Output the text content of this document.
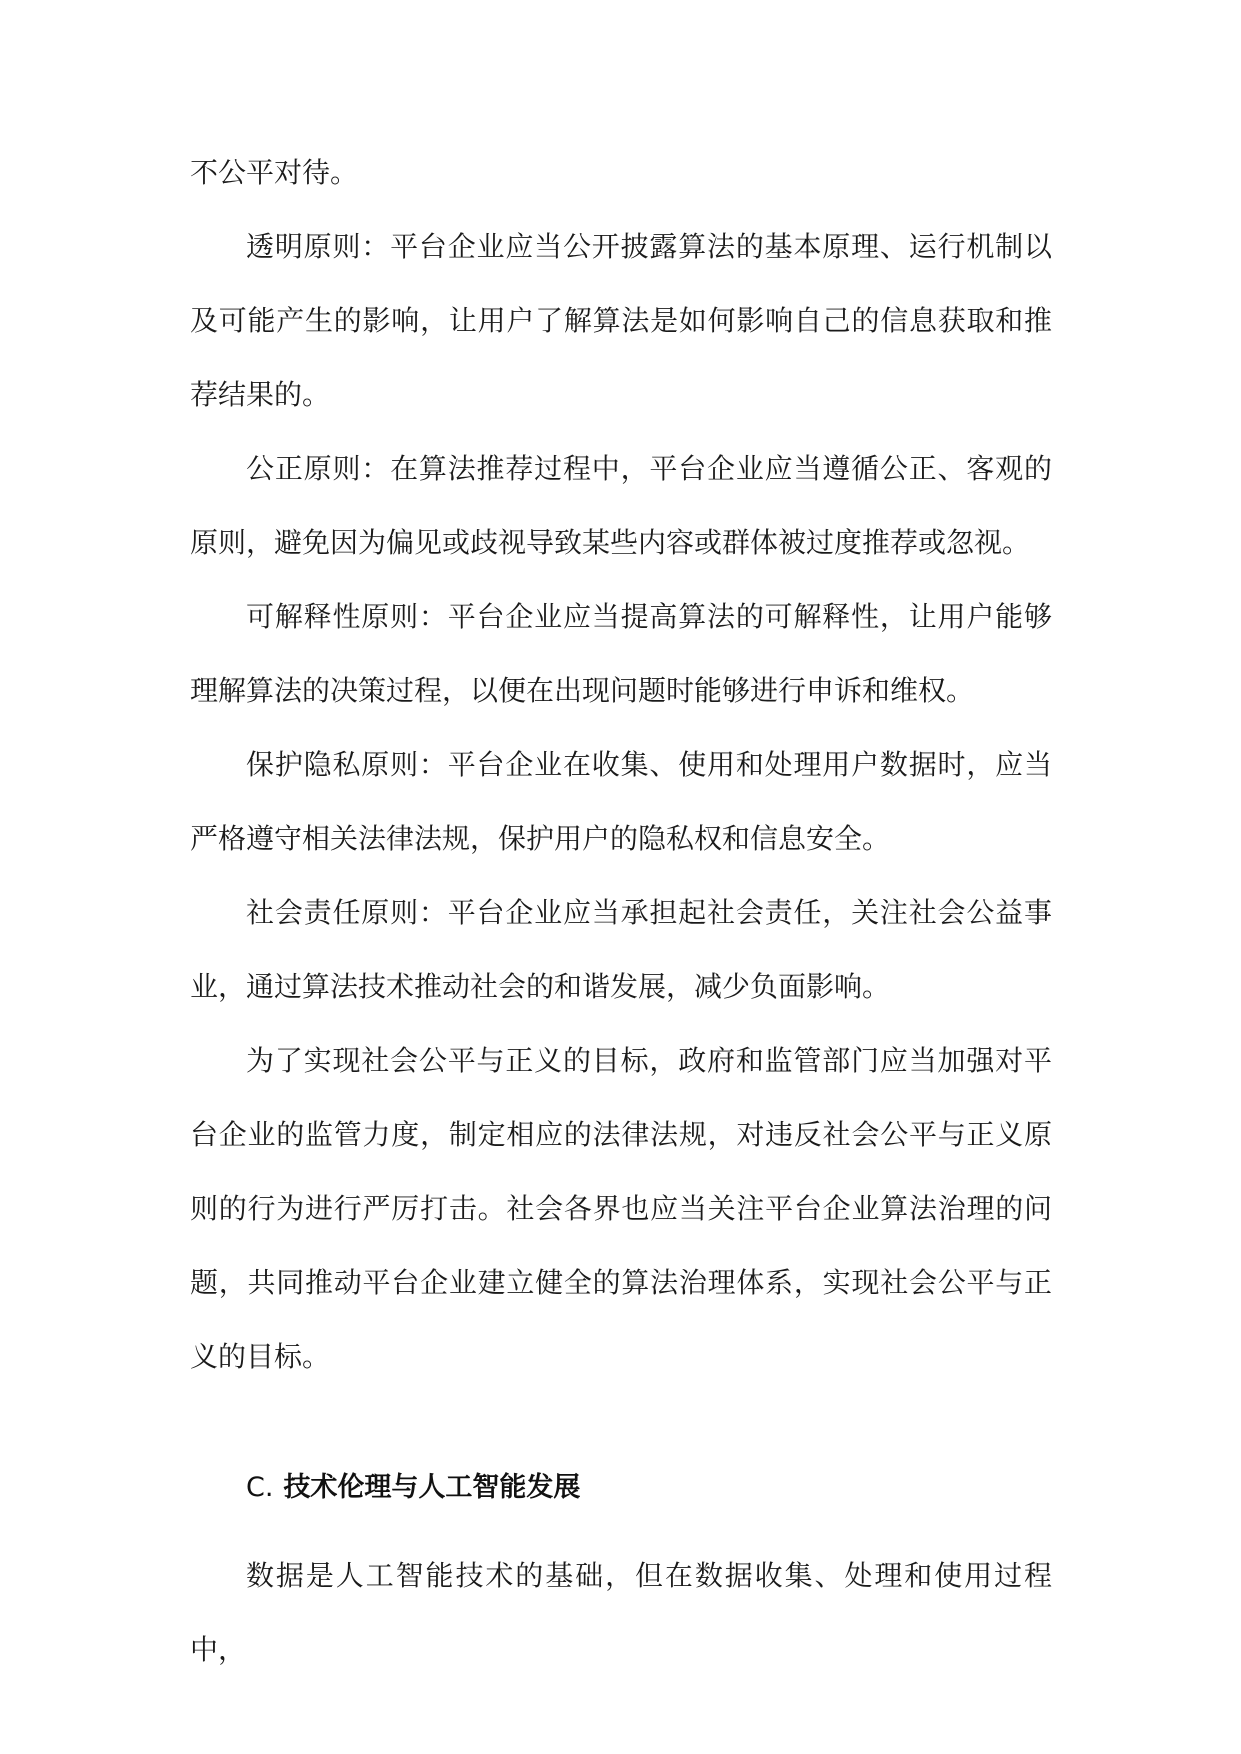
不公平对待。

透明原则：平台企业应当公开披露算法的基本原理、运行机制以及可能产生的影响，让用户了解算法是如何影响自己的信息获取和推荐结果的。

公正原则：在算法推荐过程中，平台企业应当遵循公正、客观的原则，避免因为偏见或歧视导致某些内容或群体被过度推荐或忽视。

可解释性原则：平台企业应当提高算法的可解释性，让用户能够理解算法的决策过程，以便在出现问题时能够进行申诉和维权。

保护隐私原则：平台企业在收集、使用和处理用户数据时，应当严格遵守相关法律法规，保护用户的隐私权和信息安全。

社会责任原则：平台企业应当承担起社会责任，关注社会公益事业，通过算法技术推动社会的和谐发展，减少负面影响。

为了实现社会公平与正义的目标，政府和监管部门应当加强对平台企业的监管力度，制定相应的法律法规，对违反社会公平与正义原则的行为进行严厉打击。社会各界也应当关注平台企业算法治理的问题，共同推动平台企业建立健全的算法治理体系，实现社会公平与正义的目标。

C. 技术伦理与人工智能发展

数据是人工智能技术的基础，但在数据收集、处理和使用过程中，
